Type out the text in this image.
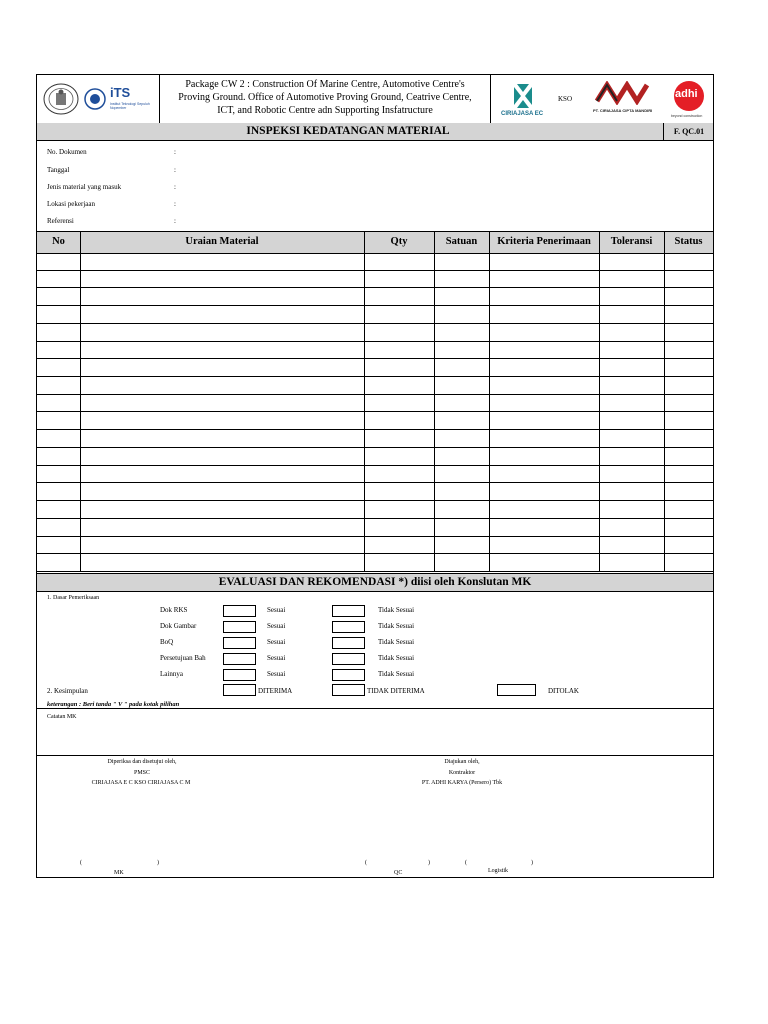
iTS
Institut Teknologi Sepuluh Nopember
Package CW 2 : Construction Of Marine Centre, Automotive Centre's
Proving Ground. Office of Automotive Proving Ground, Ceatrive Centre,
ICT, and Robotic Centre adn Supporting Insfatructure	CIRIAJASA EC
KSO
PT. CIRIAJASA CIPTA MANDIRI
adhi
beyond construction
INSPEKSI KEDATANGAN MATERIAL	F. QC.01
No. Dokumen	:
Tanggal	:
Jenis material yang masuk	:
Lokasi pekerjaan	:
Referensi	:
No	Uraian Material	Qty	Satuan	Kriteria Penerimaan	Toleransi	Status
EVALUASI DAN REKOMENDASI *) diisi oleh Konslutan MK
1. Dasar Pemeriksaan
Dok RKS	Sesuai	Tidak Sesuai
Dok Gambar	Sesuai	Tidak Sesuai
BoQ	Sesuai	Tidak Sesuai
Persetujuan Bah	Sesuai	Tidak Sesuai
Lainnya	Sesuai	Tidak Sesuai
2. Kesimpulan	DITERIMA	TIDAK DITERIMA	DITOLAK
keterangan : Beri tanda " V " pada kotak pilihan
Catatan MK
Diperiksa dan disetujui oleh,
PMSC
CIRIAJASA E C KSO CIRIAJASA C M
Diajukan oleh,
Kontraktor
PT. ADHI KARYA (Persero) Tbk
(	)
MK
(	)
QC
(	)
Logistik
